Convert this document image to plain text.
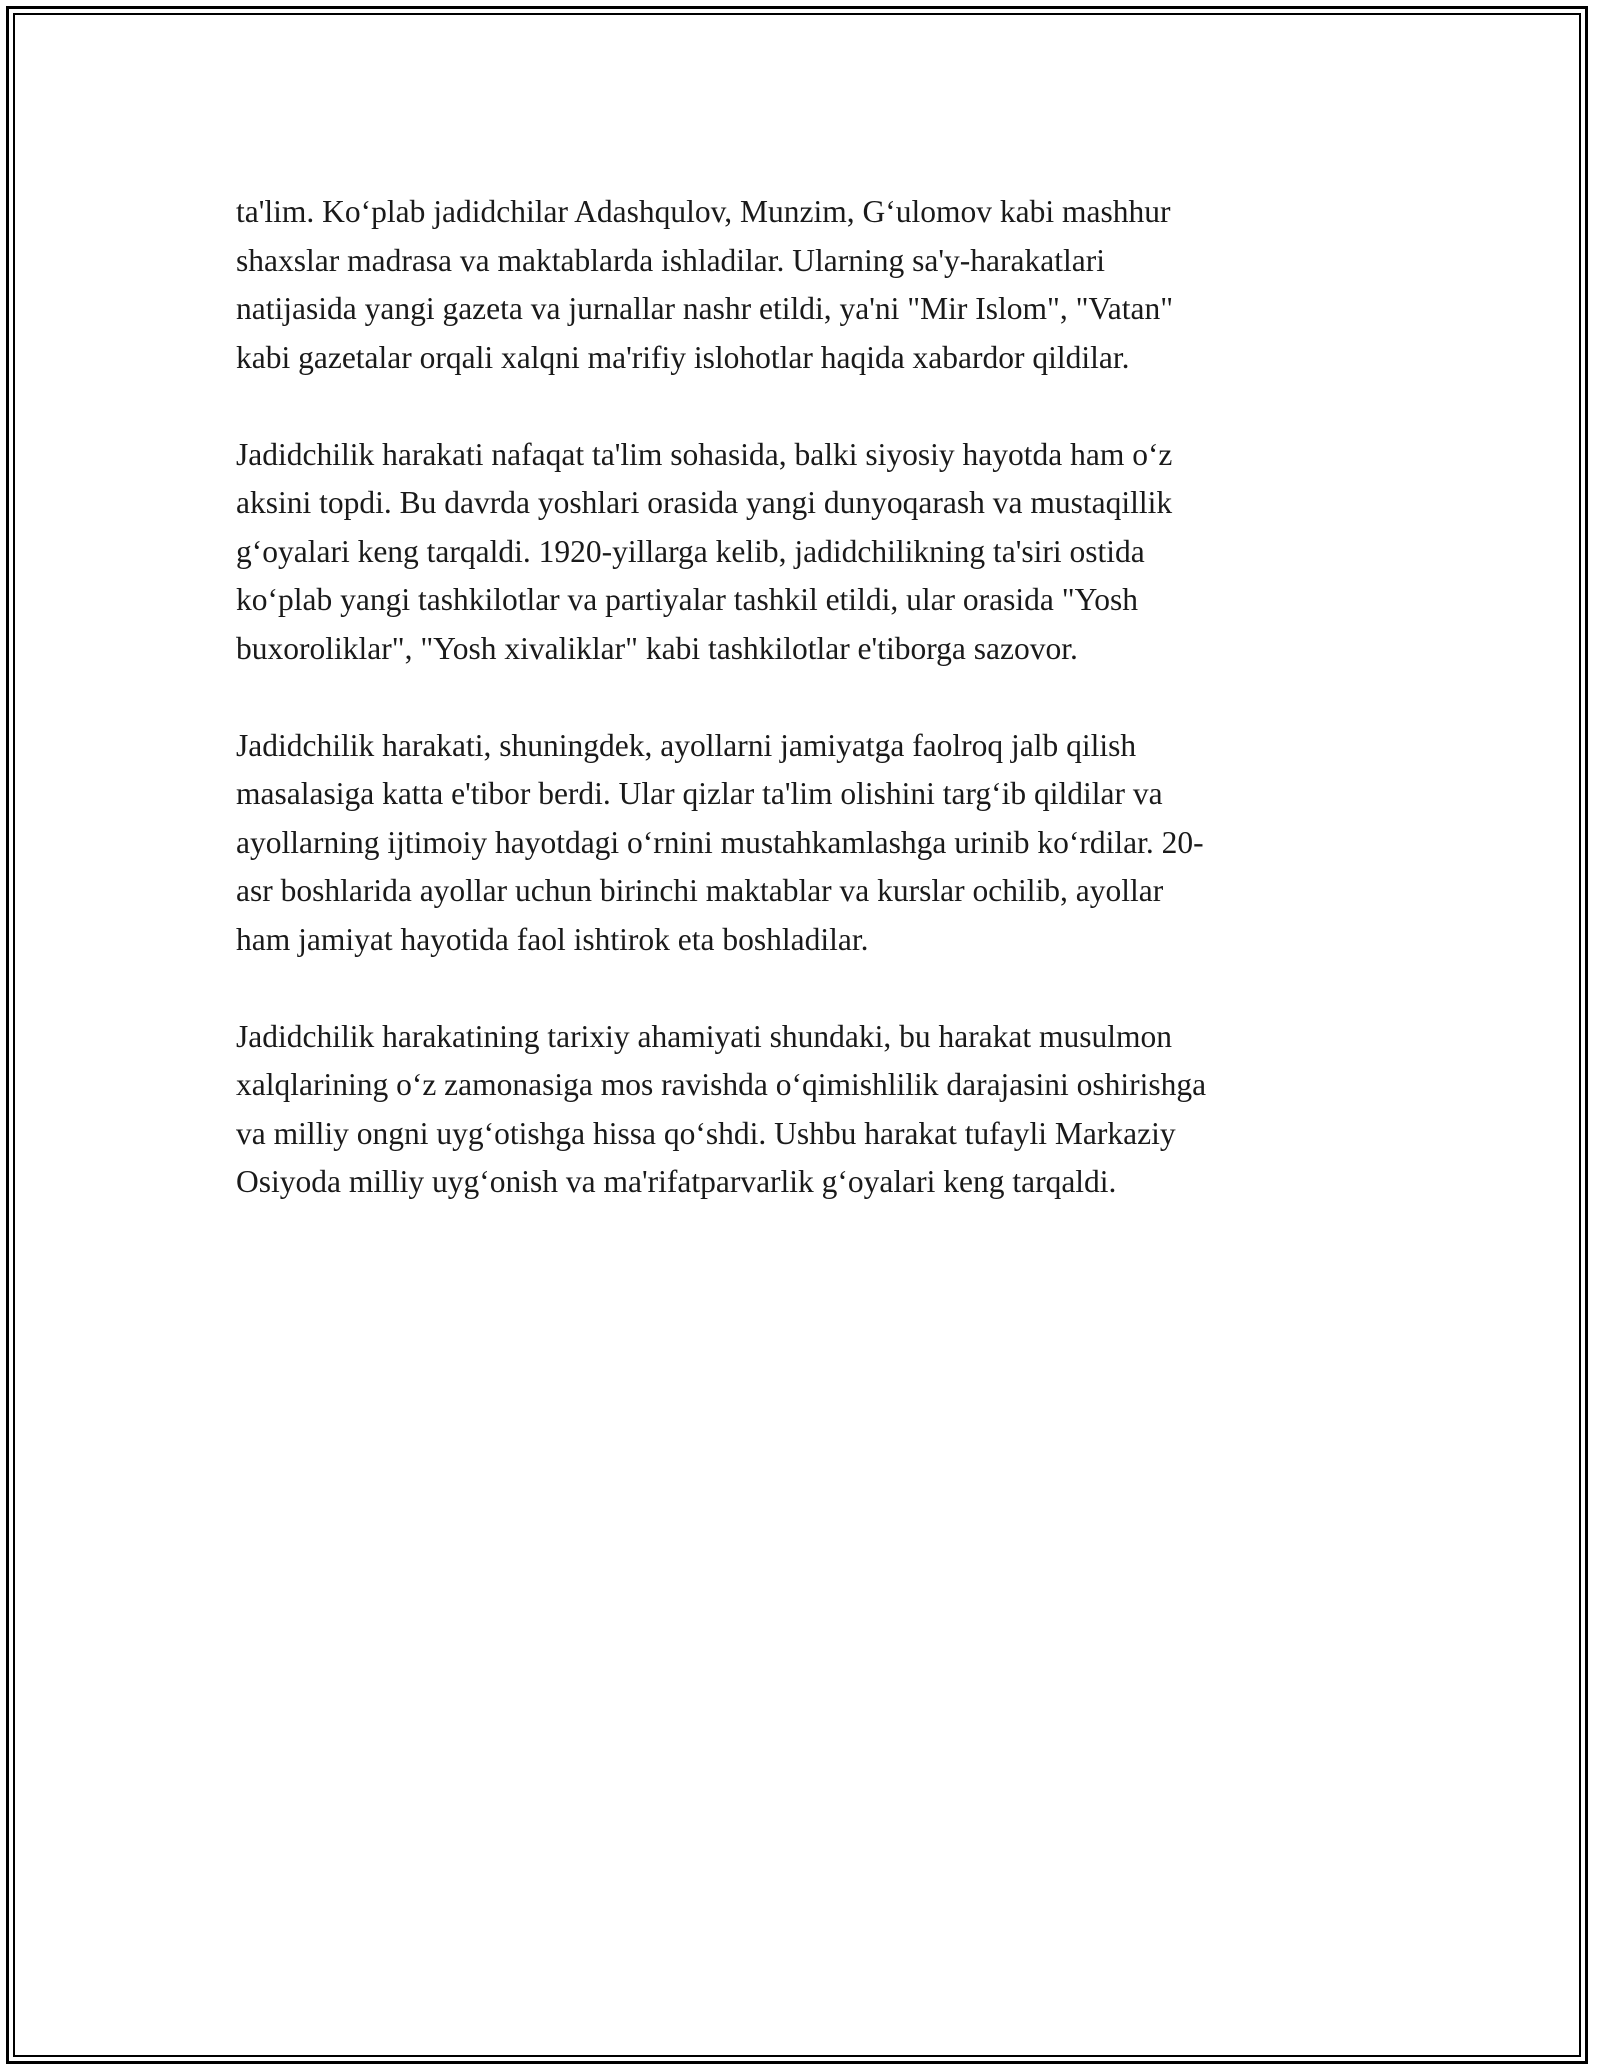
ta'lim. Ko‘plab jadidchilar Adashqulov, Munzim, G‘ulomov kabi mashhur
shaxslar madrasa va maktablarda ishladilar. Ularning sa'y-harakatlari
natijasida yangi gazeta va jurnallar nashr etildi, ya'ni "Mir Islom", "Vatan"
kabi gazetalar orqali xalqni ma'rifiy islohotlar haqida xabardor qildilar.

Jadidchilik harakati nafaqat ta'lim sohasida, balki siyosiy hayotda ham o‘z
aksini topdi. Bu davrda yoshlari orasida yangi dunyoqarash va mustaqillik
g‘oyalari keng tarqaldi. 1920-yillarga kelib, jadidchilikning ta'siri ostida
ko‘plab yangi tashkilotlar va partiyalar tashkil etildi, ular orasida "Yosh
buxoroliklar", "Yosh xivaliklar" kabi tashkilotlar e'tiborga sazovor.

Jadidchilik harakati, shuningdek, ayollarni jamiyatga faolroq jalb qilish
masalasiga katta e'tibor berdi. Ular qizlar ta'lim olishini targ‘ib qildilar va
ayollarning ijtimoiy hayotdagi o‘rnini mustahkamlashga urinib ko‘rdilar. 20-
asr boshlarida ayollar uchun birinchi maktablar va kurslar ochilib, ayollar
ham jamiyat hayotida faol ishtirok eta boshladilar.

Jadidchilik harakatining tarixiy ahamiyati shundaki, bu harakat musulmon
xalqlarining o‘z zamonasiga mos ravishda o‘qimishlilik darajasini oshirishga
va milliy ongni uyg‘otishga hissa qo‘shdi. Ushbu harakat tufayli Markaziy
Osiyoda milliy uyg‘onish va ma'rifatparvarlik g‘oyalari keng tarqaldi.
